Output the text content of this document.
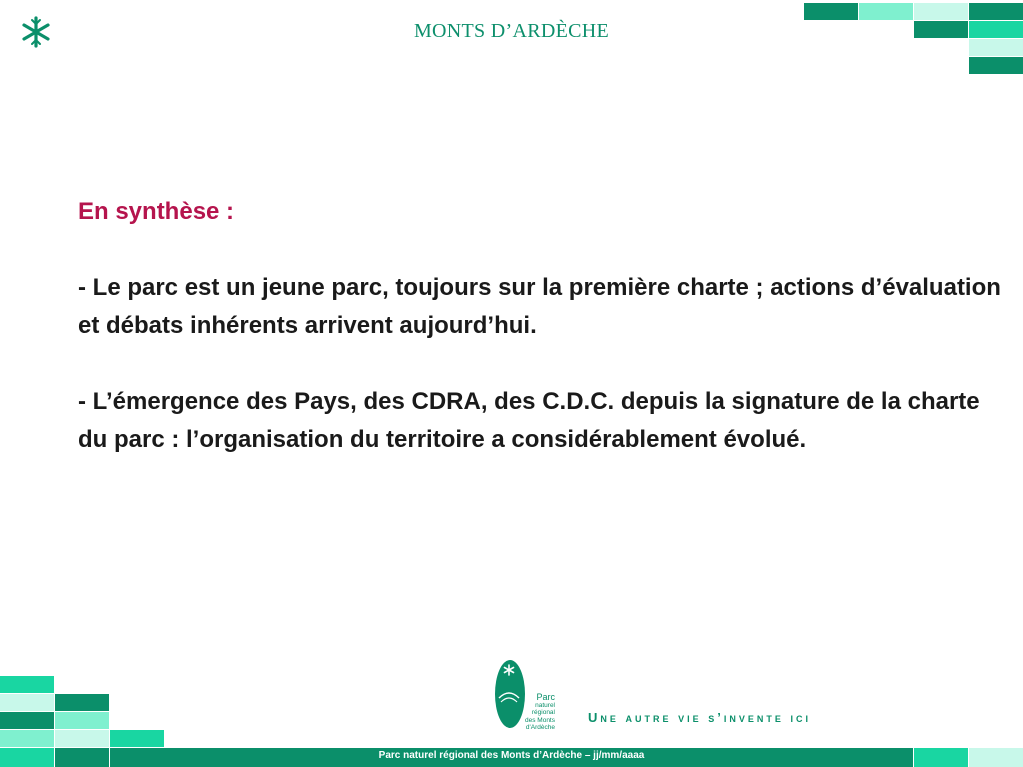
MONTS D’ARDÈCHE

En synthèse :

- Le parc est un jeune parc, toujours sur la première charte ; actions d’évaluation et débats inhérents arrivent aujourd’hui.

- L’émergence des Pays, des CDRA, des C.D.C. depuis la signature de la charte du parc : l’organisation du territoire a considérablement évolué.

Parc
naturel
régional
des Monts d'Ardèche
Une autre vie s’invente ici
Parc naturel régional des Monts d’Ardèche – jj/mm/aaaa
